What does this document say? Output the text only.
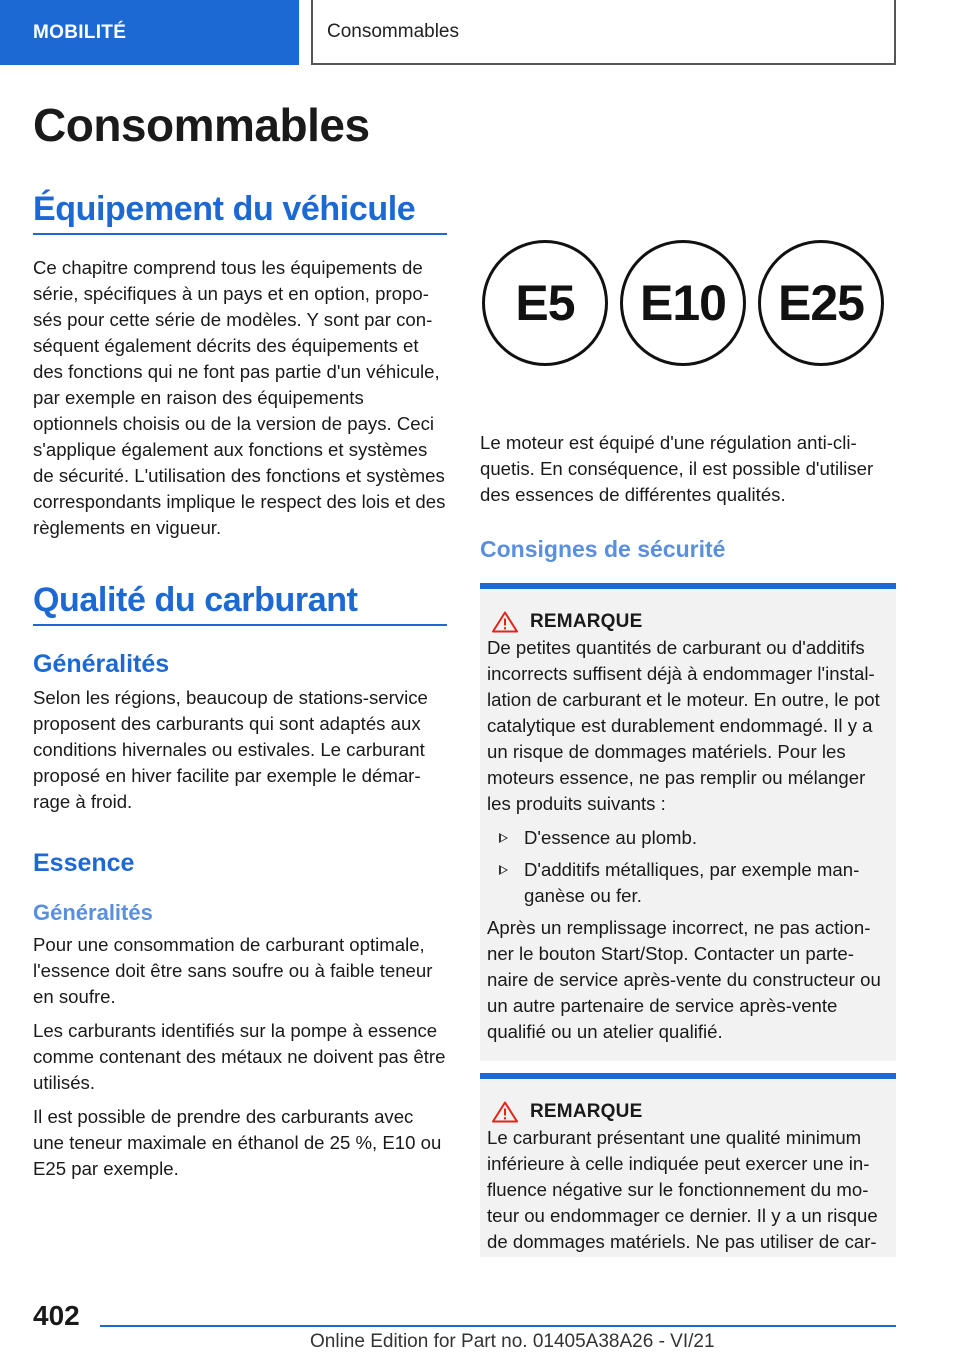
MOBILITÉ	Consommables
Consommables
Équipement du véhicule

Ce chapitre comprend tous les équipements de série, spécifiques à un pays et en option, proposés pour cette série de modèles. Y sont par conséquent également décrits des équipements et des fonctions qui ne font pas partie d'un véhicule, par exemple en raison des équipements optionnels choisis ou de la version de pays. Ceci s'applique également aux fonctions et systèmes de sécurité. L'utilisation des fonctions et systèmes correspondants implique le respect des lois et des règlements en vigueur.

Qualité du carburant
Généralités

Selon les régions, beaucoup de stations-service proposent des carburants qui sont adaptés aux conditions hivernales ou estivales. Le carburant proposé en hiver facilite par exemple le démarrage à froid.

Essence
Généralités

Pour une consommation de carburant optimale, l'essence doit être sans soufre ou à faible teneur en soufre.

Les carburants identifiés sur la pompe à essence comme contenant des métaux ne doivent pas être utilisés.

Il est possible de prendre des carburants avec une teneur maximale en éthanol de 25 %, E10 ou E25 par exemple.

E5	E10	E25

Le moteur est équipé d'une régulation anti-cliquetis. En conséquence, il est possible d'utiliser des essences de différentes qualités.

Consignes de sécurité
REMARQUE

De petites quantités de carburant ou d'additifs incorrects suffisent déjà à endommager l'installation de carburant et le moteur. En outre, le pot catalytique est durablement endommagé. Il y a un risque de dommages matériels. Pour les moteurs essence, ne pas remplir ou mélanger les produits suivants :

D'essence au plomb.
D'additifs métalliques, par exemple manganèse ou fer.

Après un remplissage incorrect, ne pas actionner le bouton Start/Stop. Contacter un partenaire de service après-vente du constructeur ou un autre partenaire de service après-vente qualifié ou un atelier qualifié.

REMARQUE

Le carburant présentant une qualité minimum inférieure à celle indiquée peut exercer une influence négative sur le fonctionnement du moteur ou endommager ce dernier. Il y a un risque de dommages matériels. Ne pas utiliser de car-

402
Online Edition for Part no. 01405A38A26 - VI/21
